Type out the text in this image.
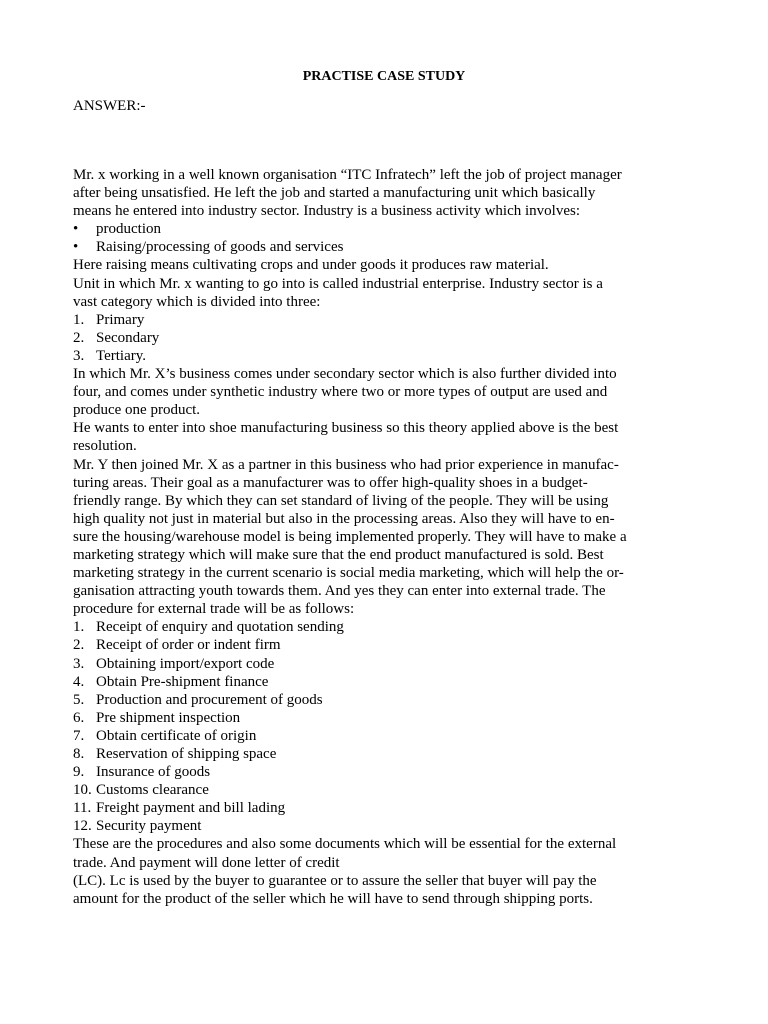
PRACTISE CASE STUDY
ANSWER:-
Mr. x working in a well known organisation “ITC Infratech” left the job of project manager
after being unsatisfied. He left the job and started a manufacturing unit which basically
means he entered into industry sector. Industry is a business activity which involves:
•	production
•	Raising/processing of goods and services
Here raising means cultivating crops and under goods it produces raw material.
Unit in which Mr. x wanting to go into is called industrial enterprise. Industry sector is a
vast category which is divided into three:
1. Primary
2. Secondary
3. Tertiary.
In which Mr. X’s business comes under secondary sector which is also further divided into
four, and comes under synthetic industry where two or more types of output are used and
produce one product.
He wants to enter into shoe manufacturing business so this theory applied above is the best
resolution.
Mr. Y then joined Mr. X as a partner in this business who had prior experience in manufac-
turing areas. Their goal as a manufacturer was to offer high-quality shoes in a budget-
friendly range. By which they can set standard of living of the people. They will be using
high quality not just in material but also in the processing areas. Also they will have to en-
sure the housing/warehouse model is being implemented properly. They will have to make a
marketing strategy which will make sure that the end product manufactured is sold. Best
marketing strategy in the current scenario is social media marketing, which will help the or-
ganisation attracting youth towards them. And yes they can enter into external trade. The
procedure for external trade will be as follows:
1. Receipt of enquiry and quotation sending
2. Receipt of order or indent firm
3. Obtaining import/export code
4. Obtain Pre-shipment finance
5. Production and procurement of goods
6. Pre shipment inspection
7. Obtain certificate of origin
8. Reservation of shipping space
9. Insurance of goods
10. Customs clearance
11. Freight payment and bill lading
12. Security payment
These are the procedures and also some documents which will be essential for the external
trade. And payment will done letter of credit
(LC). Lc is used by the buyer to guarantee or to assure the seller that buyer will pay the
amount for the product of the seller which he will have to send through shipping ports.
